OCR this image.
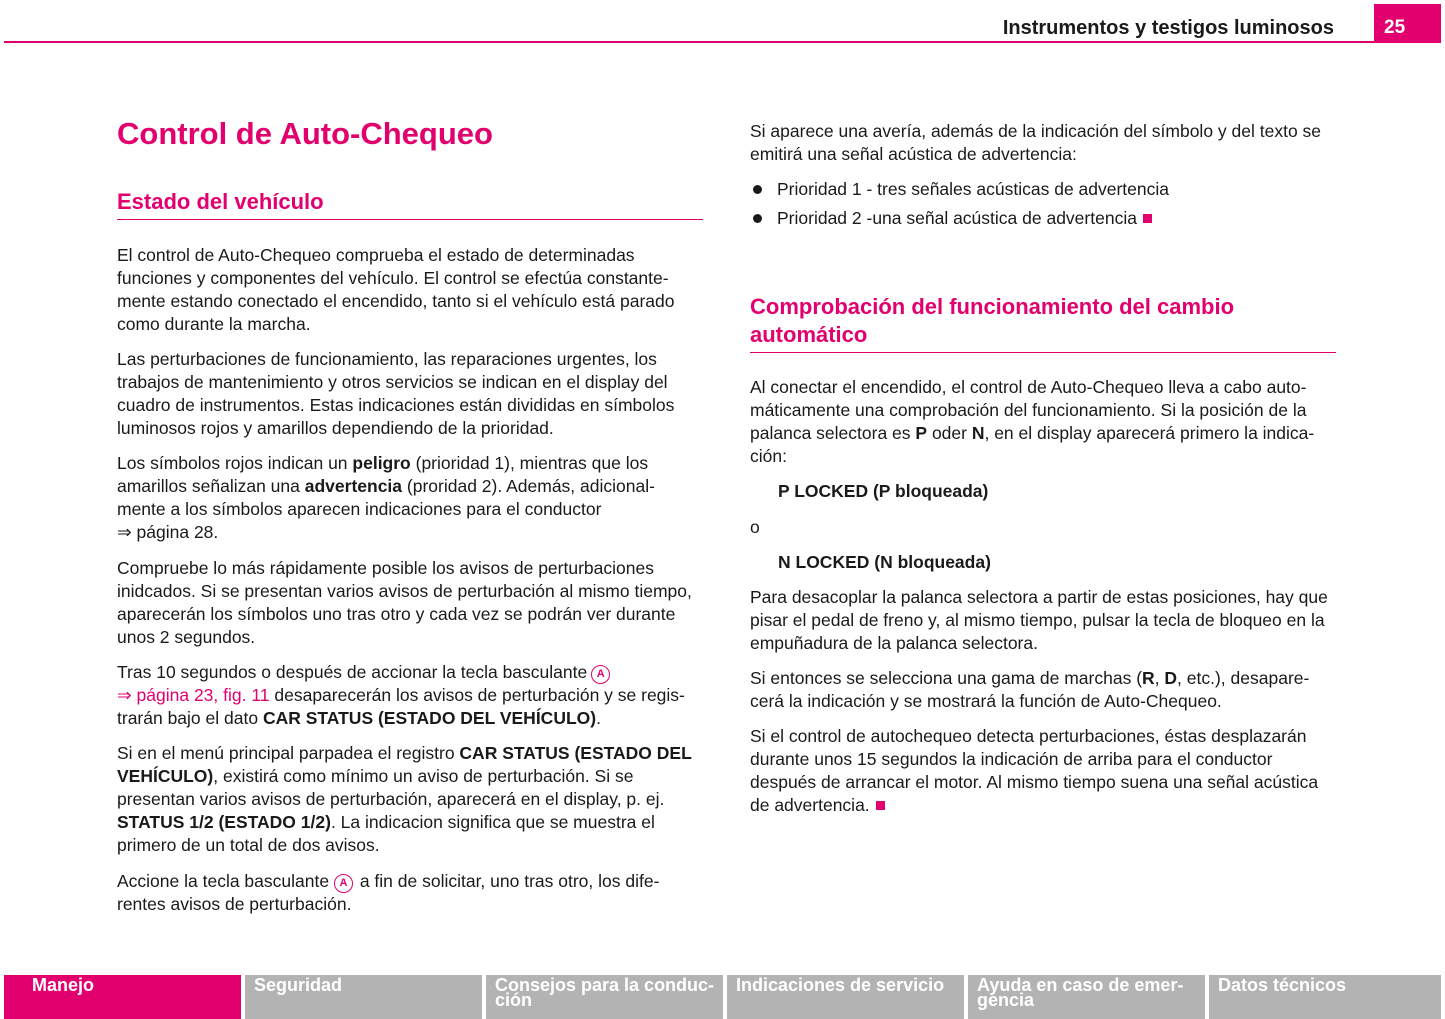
Instrumentos y testigos luminosos	25
Control de Auto-Chequeo
Estado del vehículo

El control de Auto-Chequeo comprueba el estado de determinadas funciones y componentes del vehículo. El control se efectúa constante-mente estando conectado el encendido, tanto si el vehículo está parado como durante la marcha.

Las perturbaciones de funcionamiento, las reparaciones urgentes, los trabajos de mantenimiento y otros servicios se indican en el display del cuadro de instrumentos. Estas indicaciones están divididas en símbolos luminosos rojos y amarillos dependiendo de la prioridad.

Los símbolos rojos indican un peligro (prioridad 1), mientras que los amarillos señalizan una advertencia (proridad 2). Además, adicional-mente a los símbolos aparecen indicaciones para el conductor
⇒ página 28.

Compruebe lo más rápidamente posible los avisos de perturbaciones inidcados. Si se presentan varios avisos de perturbación al mismo tiempo, aparecerán los símbolos uno tras otro y cada vez se podrán ver durante unos 2 segundos.

Tras 10 segundos o después de accionar la tecla basculante A
⇒ página 23, fig. 11 desaparecerán los avisos de perturbación y se regis-trarán bajo el dato CAR STATUS (ESTADO DEL VEHÍCULO).

Si en el menú principal parpadea el registro CAR STATUS (ESTADO DEL VEHÍCULO), existirá como mínimo un aviso de perturbación. Si se presentan varios avisos de perturbación, aparecerá en el display, p. ej. STATUS 1/2 (ESTADO 1/2). La indicacion significa que se muestra el primero de un total de dos avisos.

Accione la tecla basculante A a fin de solicitar, uno tras otro, los dife-rentes avisos de perturbación.

Si aparece una avería, además de la indicación del símbolo y del texto se emitirá una señal acústica de advertencia:

Prioridad 1 - tres señales acústicas de advertencia

Prioridad 2 -una señal acústica de advertencia

Comprobación del funcionamiento del cambio automático

Al conectar el encendido, el control de Auto-Chequeo lleva a cabo auto-máticamente una comprobación del funcionamiento. Si la posición de la palanca selectora es P oder N, en el display aparecerá primero la indica-ción:

P LOCKED (P bloqueada)

o

N LOCKED (N bloqueada)

Para desacoplar la palanca selectora a partir de estas posiciones, hay que pisar el pedal de freno y, al mismo tiempo, pulsar la tecla de bloqueo en la empuñadura de la palanca selectora.

Si entonces se selecciona una gama de marchas (R, D, etc.), desapare-cerá la indicación y se mostrará la función de Auto-Chequeo.

Si el control de autochequeo detecta perturbaciones, éstas desplazarán durante unos 15 segundos la indicación de arriba para el conductor después de arrancar el motor. Al mismo tiempo suena una señal acústica de advertencia.

Manejo	Seguridad	Consejos para la conduc-ción
Indicaciones de servicio	Ayuda en caso de emer-gencia
Datos técnicos
